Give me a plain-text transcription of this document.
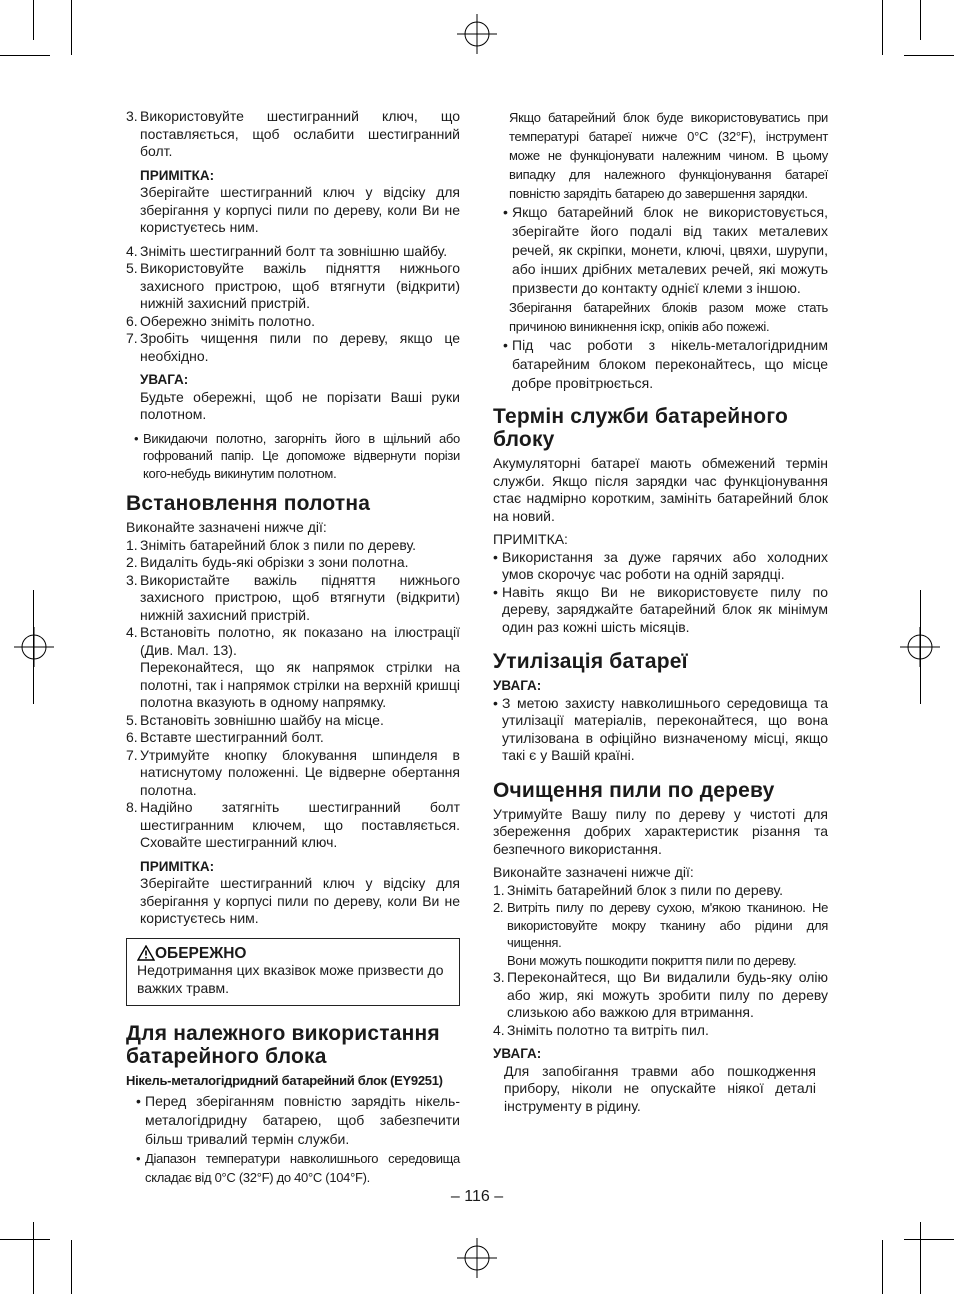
3. Використовуйте шестигранний ключ, що поставляється, щоб ослабити шестигранний болт.
ПРИМІТКА:

Зберігайте шестигранний ключ у відсіку для зберігання у корпусі пили по дереву, коли Ви не користуєтесь ним.

4. Зніміть шестигранний болт та зовнішню шайбу.
5. Використовуйте важіль підняття нижнього захисного пристрою, щоб втягнути (відкрити) нижній захисний пристрій.
6. Обережно зніміть полотно.
7. Зробіть чищення пили по дереву, якщо це необхідно.
УВАГА:

Будьте обережні, щоб не порізати Ваші руки полотном.

• Викидаючи полотно, загорніть його в щільний або гофрований папір. Це допоможе відвернути порізи кого-небудь викинутим полотном.
Встановлення полотна

Виконайте зазначені нижче дії:

1. Зніміть батарейний блок з пили по дереву.
2. Видаліть будь-які обрізки з зони полотна.
3. Використайте важіль підняття нижнього захисного пристрою, щоб втягнути (відкрити) нижній захисний пристрій.
4. Встановіть полотно, як показано на ілюстрації (Див. Мал. 13).
Переконайтеся, що як напрямок стрілки на полотні, так і напрямок стрілки на верхній кришці полотна вказують в одному напрямку.
5. Встановіть зовнішню шайбу на місце.
6. Вставте шестигранний болт.
7. Утримуйте кнопку блокування шпинделя в натиснутому положенні. Це відверне обертання полотна.
8. Надійно затягніть шестигранний болт шестигранним ключем, що поставляється. Сховайте шестигранний ключ.
ПРИМІТКА:

Зберігайте шестигранний ключ у відсіку для зберігання у корпусі пили по дереву, коли Ви не користуєтесь ним.

ОБЕРЕЖНО

Недотримання цих вказівок може призвести до важких травм.

Для належного використання батарейного блока
Нікель-металогідридний батарейний блок (EY9251)
• Перед зберіганням повністю зарядіть нікель-металогідридну батарею, щоб забезпечити більш тривалий термін служби.
• Діапазон температури навколишнього середовища складає від 0°C (32°F) до 40°C (104°F).

Якщо батарейний блок буде використовуватись при температурі батареї нижче 0°C (32°F), інструмент може не функціонувати належним чином. В цьому випадку для належного функціонування батареї повністю зарядіть батарею до завершення зарядки.

• Якщо батарейний блок не використовується, зберігайте його подалі від таких металевих речей, як скріпки, монети, ключі, цвяхи, шурупи, або інших дрібних металевих речей, які можуть призвести до контакту однієї клеми з іншою.

Зберігання батарейних блоків разом може стать причиною виникнення іскр, опіків або пожежі.

• Під час роботи з нікель-металогідридним батарейним блоком переконайтесь, що місце добре провітрюється.
Термін служби батарейного блоку

Акумуляторні батареї мають обмежений термін служби. Якщо після зарядки час функціонування стає надмірно коротким, замініть батарейний блок на новий.

ПРИМІТКА:
• Використання за дуже гарячих або холодних умов скорочує час роботи на одній зарядці.
• Навіть якщо Ви не використовуєте пилу по дереву, заряджайте батарейний блок як мінімум один раз кожні шість місяців.
Утилізація батареї
УВАГА:
• З метою захисту навколишнього середовища та утилізації матеріалів, переконайтеся, що вона утилізована в офіційно визначеному місці, якщо такі є у Вашій країні.
Очищення пили по дереву

Утримуйте Вашу пилу по дереву у чистоті для збереження добрих характеристик різання та безпечного використання.

Виконайте зазначені нижче дії:

1. Зніміть батарейний блок з пили по дереву.
2. Витріть пилу по дереву сухою, м'якою тканиною. Не використовуйте мокру тканину або рідини для чищення.
Вони можуть пошкодити покриття пили по дереву.
3. Переконайтеся, що Ви видалили будь-яку олію або жир, які можуть зробити пилу по дереву слизькою або важкою для втримання.
4. Зніміть полотно та витріть пил.
УВАГА:

Для запобігання травми або пошкодження прибору, ніколи не опускайте ніякої деталі інструменту в рідину.

– 116 –
